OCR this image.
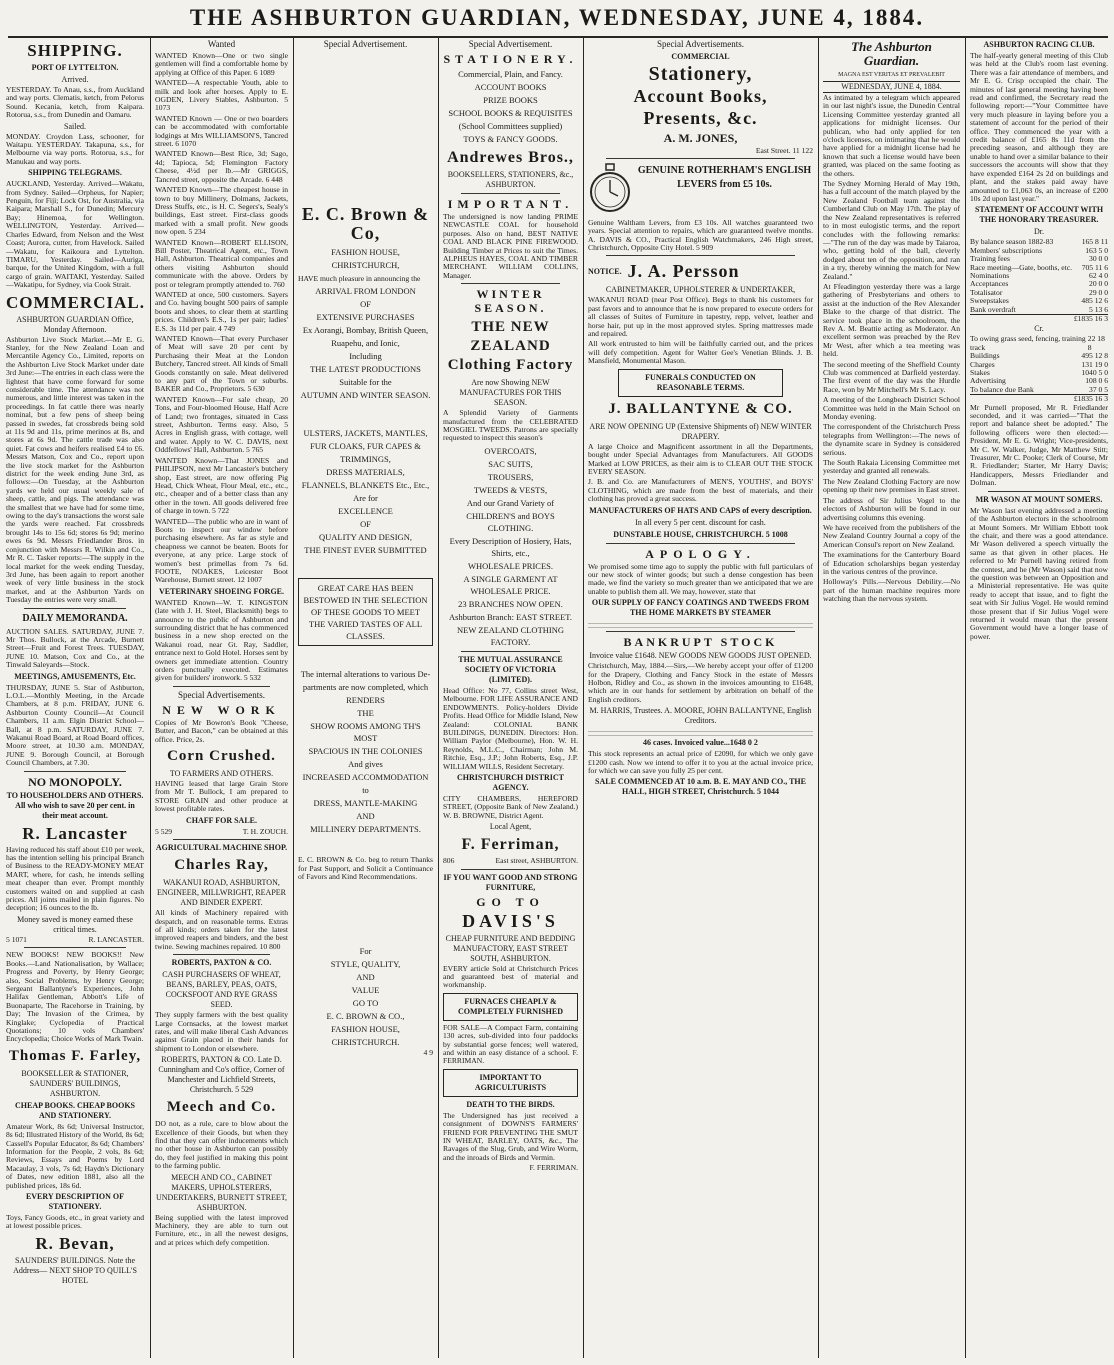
THE ASHBURTON GUARDIAN, WEDNESDAY, JUNE 4, 1884.
SHIPPING.
PORT OF LYTTELTON.
Arrived.

YESTERDAY. To Anau, s.s., from Auckland and way ports. Clematis, ketch, from Pelorus Sound. Kecania, ketch, from Kaipara. Rotorua, s.s., from Dunedin and Oamaru.

Sailed.

MONDAY. Croydon Lass, schooner, for Waitapu. YESTERDAY. Takapuna, s.s., for Melbourne via way ports. Rotorua, s.s., for Manukau and way ports.

SHIPPING TELEGRAMS.

AUCKLAND, Yesterday. Arrived—Wakatu, from Sydney. Sailed—Orpheus, for Napier; Penguin, for Fiji; Lock Ost, for Australia, via Kaipara; Marshall S., for Dunedin; Mercury Bay; Hinemoa, for Wellington. WELLINGTON, Yesterday. Arrived—Charles Edward, from Nelson and the West Coast; Aurora, cutter, from Havelock. Sailed—Wakatu, for Kaikoura and Lyttelton. TIMARU, Yesterday. Sailed—Auriga, barque, for the United Kingdom, with a full cargo of grain. WAITAKI, Yesterday. Sailed—Wakatipu, for Sydney, via Cook Strait.

COMMERCIAL.
ASHBURTON GUARDIAN Office, Monday Afternoon.

Ashburton Live Stock Market.—Mr E. G. Stanley, for the New Zealand Loan and Mercantile Agency Co., Limited, reports on the Ashburton Live Stock Market under date 3rd June:—The entries in each class were the lightest that have come forward for some considerable time. The attendance was not numerous, and little interest was taken in the proceedings. In fat cattle there was nearly nominal, but a few pens of sheep being passed in swedes, fat crossbreds being sold at 11s 9d and 11s, prime merinos at 8s, and stores at 6s 9d. The cattle trade was also quiet. Fat cows and heifers realised £4 to £6. Messrs Matson, Cox and Co., report upon the live stock market for the Ashburton district for the week ending June 3rd, as follows:—On Tuesday, at the Ashburton yards we held our usual weekly sale of sheep, cattle, and pigs. The attendance was the smallest that we have had for some time, owing to the day's transactions the worst sale the yards were reached. Fat crossbreds brought 14s to 15s 6d; stores 6s 9d; merino ewes 6s 9d. Messrs Friedlander Bros. in conjunction with Messrs R. Wilkin and Co., Mr R. C. Tasker reports:—The supply in the local market for the week ending Tuesday, 3rd June, has been again to report another week of very little business in the stock market, and at the Ashburton Yards on Tuesday the entries were very small.

DAILY MEMORANDA.

AUCTION SALES. SATURDAY, JUNE 7. Mr Thos. Bullock, at the Arcade, Burnett Street—Fruit and Forest Trees. TUESDAY, JUNE 10. Matson, Cox and Co., at the Tinwald Saleyards—Stock.

MEETINGS, AMUSEMENTS, Etc.

THURSDAY, JUNE 5. Star of Ashburton, L.O.L.—Monthly Meeting, in the Arcade Chambers, at 8 p.m. FRIDAY, JUNE 6. Ashburton County Council—At Council Chambers, 11 a.m. Elgin District School—Ball, at 8 p.m. SATURDAY, JUNE 7. Wakanui Road Board, at Road Board offices, Moore street, at 10.30 a.m. MONDAY, JUNE 9. Borough Council, at Borough Council Chambers, at 7.30.

NO MONOPOLY.
TO HOUSEHOLDERS AND OTHERS. All who wish to save 20 per cent. in their meat account.
R. Lancaster

Having reduced his staff about £10 per week, has the intention selling his principal Branch of Business to the READY-MONEY MEAT MART, where, for cash, he intends selling meat cheaper than ever. Prompt monthly customers waited on and supplied at cash prices. All joints mailed in plain figures. No deception; 16 ounces to the lb.

Money saved is money earned these critical times.
5 1071	R. LANCASTER.

NEW BOOKS! NEW BOOKS!! New Books.—Land Nationalisation, by Wallace; Progress and Poverty, by Henry George; also, Social Problems, by Henry George; Sergeant Ballantyne's Experiences, John Halifax Gentleman, Abbott's Life of Buonaparte, The Racehorse in Training, by Day; The Invasion of the Crimea, by Kinglake; Cyclopedia of Practical Quotations; 10 vols Chambers' Encyclopedia; Choice Works of Mark Twain.

Thomas F. Farley,
BOOKSELLER & STATIONER, SAUNDERS' BUILDINGS, ASHBURTON.
CHEAP BOOKS. CHEAP BOOKS AND STATIONERY.

Amateur Work, 8s 6d; Universal Instructor, 8s 6d; Illustrated History of the World, 8s 6d; Cassell's Popular Educator, 8s 6d; Chambers' Information for the People, 2 vols, 8s 6d; Reviews, Essays and Poems by Lord Macaulay, 3 vols, 7s 6d; Haydn's Dictionary of Dates, new edition 1881, also all the published prices, 18s 6d.

EVERY DESCRIPTION OF STATIONERY.

Toys, Fancy Goods, etc., in great variety and at lowest possible prices.

R. Bevan,
SAUNDERS' BUILDINGS. Note the Address— NEXT SHOP TO QUILL'S HOTEL
Wanted

WANTED Known—One or two single gentlemen will find a comfortable home by applying at Office of this Paper. 6 1089

WANTED—A respectable Youth, able to milk and look after horses. Apply to E. OGDEN, Livery Stables, Ashburton. 5 1073

WANTED Known — One or two boarders can be accommodated with comfortable lodgings at Mrs WILLIAMSON'S, Tancred street. 6 1070

WANTED Known—Best Rice, 3d; Sago, 4d; Tapioca, 5d; Flemington Factory Cheese, 4½d per lb.—Mr GRIGGS, Tancred street, opposite the Arcade. 6 448

WANTED Known—The cheapest house in town to buy Millinery, Dolmans, Jackets, Dress Stuffs, etc., is H. C. Segers's, Sealy's buildings, East street. First-class goods marked with a small profit. New goods now open. 5 234

WANTED Known—ROBERT ELLISON, Bill Poster, Theatrical Agent, etc., Town Hall, Ashburton. Theatrical companies and others visiting Ashburton should communicate with the above. Orders by post or telegram promptly attended to. 760

WANTED at once, 500 customers. Sayers and Co. having bought 500 pairs of sample boots and shoes, to clear them at startling prices. Children's E.S., 1s per pair; ladies' E.S. 3s 11d per pair. 4 749

WANTED Known—That every Purchaser of Meat will save 20 per cent by Purchasing their Meat at the London Butchery, Tancred street. All kinds of Small Goods constantly on sale. Meat delivered to any part of the Town or suburbs. BAKER and Co., Proprietors. 5 630

WANTED Known—For sale cheap, 20 Tons, and Four-bloomed House, Half Acre of Land; two frontages, situated in Cass street, Ashburton. Terms easy. Also, 5 Acres in English grass, with cottage, well and water. Apply to W. C. DAVIS, next Oddfellows' Hall, Ashburton. 5 765

WANTED Known—That JONES and PHILIPSON, next Mr Lancaster's butchery shop, East street, are now offering Pig Head, Chick Wheat, Flour Meal, etc., etc., etc., cheaper and of a better class than any other in the town. All goods delivered free of charge in town. 5 722

WANTED—The public who are in want of Boots to inspect our window before purchasing elsewhere. As far as style and cheapness we cannot be beaten. Boots for everyone, at any price. Large stock of women's best primellas from 7s 6d. FOOTE, NOAKES, Leicester Boot Warehouse, Burnett street. 12 1007

VETERINARY SHOEING FORGE.

WANTED Known—W. T. KINGSTON (late with J. H. Steel, Blacksmith) begs to announce to the public of Ashburton and surrounding district that he has commenced business in a new shop erected on the Wakanui road, near Gt. Ray, Saddler, entrance next to Gold Hotel. Horses sent by owners get immediate attention. Country orders punctually executed. Estimates given for builders' ironwork. 5 532

Special Advertisements.
NEW WORK

Copies of Mr Bowron's Book "Cheese, Butter, and Bacon," can be obtained at this office. Price, 2s.

Corn Crushed.
TO FARMERS AND OTHERS.

HAVING leased that large Grain Store from Mr T. Bullock, I am prepared to STORE GRAIN and other produce at lowest profitable rates.

CHAFF FOR SALE.
5 529	T. H. ZOUCH.
AGRICULTURAL MACHINE SHOP.
Charles Ray,
WAKANUI ROAD, ASHBURTON, ENGINEER, MILLWRIGHT, REAPER AND BINDER EXPERT.

All kinds of Machinery repaired with despatch, and on reasonable terms. Extras of all kinds; orders taken for the latest improved reapers and binders, and the best twine. Sewing machines repaired. 10 800

ROBERTS, PAXTON & CO.
CASH PURCHASERS OF WHEAT, BEANS, BARLEY, PEAS, OATS, COCKSFOOT AND RYE GRASS SEED.

They supply farmers with the best quality Large Cornsacks, at the lowest market rates, and will make liberal Cash Advances against Grain placed in their hands for shipment to London or elsewhere.

ROBERTS, PAXTON & CO. Late D. Cunningham and Co's office, Corner of Manchester and Lichfield Streets, Christchurch. 5 529
Meech and Co.

DO not, as a rule, care to blow about the Excellence of their Goods, but when they find that they can offer inducements which no other house in Ashburton can possibly do, they feel justified in making this point to the farming public.

MEECH AND CO., CABINET MAKERS, UPHOLSTERERS, UNDERTAKERS, BURNETT STREET, ASHBURTON.

Being supplied with the latest improved Machinery, they are able to turn out Furniture, etc., in all the newest designs, and at prices which defy competition.

Special Advertisement.
E. C. Brown & Co,
FASHION HOUSE,
CHRISTCHURCH,

HAVE much pleasure in announcing the

ARRIVAL FROM LONDON
OF
EXTENSIVE PURCHASES
Ex Aorangi, Bombay, British Queen,
Ruapehu, and Ionic,
Including
THE LATEST PRODUCTIONS
Suitable for the
AUTUMN AND WINTER SEASON.
ULSTERS, JACKETS, MANTLES,
FUR CLOAKS, FUR CAPES &
TRIMMINGS,
DRESS MATERIALS,
FLANNELS, BLANKETS Etc., Etc.,
Are for
EXCELLENCE
OF
QUALITY AND DESIGN,
THE FINEST EVER SUBMITTED
GREAT CARE HAS BEEN BESTOWED IN THE SELECTION OF THESE GOODS TO MEET THE VARIED TASTES OF ALL CLASSES.
The internal alterations to various De-
partments are now completed, which
RENDERS
THE
SHOW ROOMS AMONG TH'S MOST
SPACIOUS IN THE COLONIES
And gives
INCREASED ACCOMMODATION
to
DRESS, MANTLE-MAKING
AND
MILLINERY DEPARTMENTS.

E. C. BROWN & Co. beg to return Thanks for Past Support, and Solicit a Continuance of Favors and Kind Recommendations.

For
STYLE, QUALITY,
AND
VALUE
GO TO
E. C. BROWN & CO.,
FASHION HOUSE,
CHRISTCHURCH.
4 9
Special Advertisement.
STATIONERY.
Commercial, Plain, and Fancy.
ACCOUNT BOOKS
PRIZE BOOKS
SCHOOL BOOKS & REQUISITES
(School Committees supplied)
TOYS & FANCY GOODS.
Andrewes Bros.,
BOOKSELLERS, STATIONERS, &c., ASHBURTON.
IMPORTANT.

The undersigned is now landing PRIME NEWCASTLE COAL for household purposes. Also on hand, BEST NATIVE COAL AND BLACK PINE FIREWOOD. Building Timber at Prices to suit the Times. ALPHEUS HAYES, COAL AND TIMBER MERCHANT. WILLIAM COLLINS, Manager.

WINTER SEASON.
THE NEW ZEALAND Clothing Factory
Are now Showing NEW MANUFACTURES FOR THIS SEASON.

A Splendid Variety of Garments manufactured from the CELEBRATED MOSGIEL TWEEDS. Patrons are specially requested to inspect this season's

OVERCOATS,
SAC SUITS,
TROUSERS,
TWEEDS & VESTS,
And our Grand Variety of
CHILDREN'S and BOYS CLOTHING.
Every Description of Hosiery, Hats, Shirts, etc.,
WHOLESALE PRICES.
A SINGLE GARMENT AT WHOLESALE PRICE.
23 BRANCHES NOW OPEN.
Ashburton Branch: EAST STREET.
NEW ZEALAND CLOTHING FACTORY.
THE MUTUAL ASSURANCE SOCIETY OF VICTORIA (LIMITED).

Head Office: No 77, Collins street West, Melbourne. FOR LIFE ASSURANCE AND ENDOWMENTS. Policy-holders Divide Profits. Head Office for Middle Island, New Zealand: COLONIAL BANK BUILDINGS, DUNEDIN. Directors: Hon. William Paylor (Melbourne), Hon. W. H. Reynolds, M.L.C., Chairman; John M. Ritchie, Esq., J.P.; John Roberts, Esq., J.P. WILLIAM WILLS, Resident Secretary.

CHRISTCHURCH DISTRICT AGENCY.

CITY CHAMBERS, HEREFORD STREET, (Opposite Bank of New Zealand.) W. B. BROWNE, District Agent.

Local Agent,
F. Ferriman,
806	East street, ASHBURTON.
IF YOU WANT GOOD AND STRONG FURNITURE,
GO TO
DAVIS'S
CHEAP FURNITURE AND BEDDING MANUFACTORY, EAST STREET SOUTH, ASHBURTON.

EVERY article Sold at Christchurch Prices and guaranteed best of material and workmanship.

FURNACES CHEAPLY & COMPLETELY FURNISHED

FOR SALE—A Compact Farm, containing 130 acres, sub-divided into four paddocks by substantial gorse fences; well watered, and within an easy distance of a school. F. FERRIMAN.

IMPORTANT TO AGRICULTURISTS
DEATH TO THE BIRDS.

The Undersigned has just received a consignment of DOWNS'S FARMERS' FRIEND FOR PREVENTING THE SMUT IN WHEAT, BARLEY, OATS, &c., The Ravages of the Slug, Grub, and Wire Worm, and the inroads of Birds and Vermin.

F. FERRIMAN.
Special Advertisements.
COMMERCIAL
Stationery,
Account Books,
Presents, &c.
A. M. JONES,
East Street. 11 122
GENUINE ROTHERHAM'S ENGLISH LEVERS from £5 10s.

Genuine Waltham Levers, from £3 10s. All watches guaranteed two years. Special attention to repairs, which are guaranteed twelve months. A. DAVIS & CO., Practical English Watchmakers, 246 High street, Christchurch, Opposite City Hotel. 5 909

NOTICE. J. A. Persson
CABINETMAKER, UPHOLSTERER & UNDERTAKER,

WAKANUI ROAD (near Post Office). Begs to thank his customers for past favors and to announce that he is now prepared to execute orders for all classes of Suites of Furniture in tapestry, repp, velvet, leather and horse hair, put up in the most approved styles. Spring mattresses made and repaired.

All work entrusted to him will be faithfully carried out, and the prices will defy competition. Agent for Walter Gee's Venetian Blinds. J. B. Mansfield, Monumental Mason.

FUNERALS CONDUCTED ON REASONABLE TERMS.
J. BALLANTYNE & CO.
ARE NOW OPENING UP (Extensive Shipments of) NEW WINTER DRAPERY.

A large Choice and Magnificent assortment in all the Departments, bought under Special Advantages from Manufacturers. All GOODS Marked at LOW PRICES, as their aim is to CLEAR OUT THE STOCK EVERY SEASON.

J. B. and Co. are Manufacturers of MEN'S, YOUTHS', and BOYS' CLOTHING, which are made from the best of materials, and their clothing has proved a great success.

MANUFACTURERS OF HATS AND CAPS of every description.
In all every 5 per cent. discount for cash.
DUNSTABLE HOUSE, CHRISTCHURCH. 5 1008
APOLOGY.

We promised some time ago to supply the public with full particulars of our new stock of winter goods; but such a dense congestion has been made, we find the variety so much greater than we anticipated that we are unable to publish them all. We may, however, state that

OUR SUPPLY OF FANCY COATINGS AND TWEEDS FROM THE HOME MARKETS BY STEAMER
BANKRUPT STOCK
Invoice value £1648. NEW GOODS NEW GOODS JUST OPENED.

Christchurch, May, 1884.—Sirs,—We hereby accept your offer of £1200 for the Drapery, Clothing and Fancy Stock in the estate of Messrs Holbon, Ridley and Co., as shown in the invoices amounting to £1648, which are in our hands for settlement by arbitration on behalf of the English creditors.

M. HARRIS, Trustees. A. MOORE, JOHN BALLANTYNE, English Creditors.
46 cases. Invoiced value...1648 0 2

This stock represents an actual price of £2090, for which we only gave £1200 cash. Now we intend to offer it to you at the actual invoice price, for which we can save you fully 25 per cent.

SALE COMMENCED AT 10 a.m. B. E. MAY AND CO., THE HALL, HIGH STREET, Christchurch. 5 1044
The Ashburton Guardian.
MAGNA EST VERITAS ET PREVALEBIT
WEDNESDAY, JUNE 4, 1884.

As intimated by a telegram which appeared in our last night's issue, the Dunedin Central Licensing Committee yesterday granted all applications for midnight licenses. Our publican, who had only applied for ten o'clock licenses, on intimating that he would have applied for a midnight license had he known that such a license would have been granted, was placed on the same footing as the others.

The Sydney Morning Herald of May 19th, has a full account of the match played by the New Zealand Football team against the Cumberland Club on May 17th. The play of the New Zealand representatives is referred to in most eulogistic terms, and the report concludes with the following remarks:—"The run of the day was made by Taiaroa, who, getting hold of the ball, cleverly dodged about ten of the opposition, and ran in a try, thereby winning the match for New Zealand."

At Ffeadington yesterday there was a large gathering of Presbyterians and others to assist at the induction of the Rev Alexander Blake to the charge of that district. The service took place in the schoolroom, the Rev A. M. Beattie acting as Moderator. An excellent sermon was preached by the Rev Mr West, after which a tea meeting was held.

The second meeting of the Sheffield County Club was commenced at Darfield yesterday. The first event of the day was the Hurdle Race, won by Mr Mitchell's Mr S. Lacy.

A meeting of the Longbeach District School Committee was held in the Main School on Monday evening.

The correspondent of the Christchurch Press telegraphs from Wellington:—The news of the dynamite scare in Sydney is considered serious.

The South Rakaia Licensing Committee met yesterday and granted all renewals.

The New Zealand Clothing Factory are now opening up their new premises in East street.

The address of Sir Julius Vogel to the electors of Ashburton will be found in our advertising columns this evening.

We have received from the publishers of the New Zealand Country Journal a copy of the American Consul's report on New Zealand.

The examinations for the Canterbury Board of Education scholarships began yesterday in the various centres of the province.

Holloway's Pills.—Nervous Debility.—No part of the human machine requires more watching than the nervous system.

ASHBURTON RACING CLUB.

The half-yearly general meeting of this Club was held at the Club's room last evening. There was a fair attendance of members, and Mr E. G. Crisp occupied the chair. The minutes of last general meeting having been read and confirmed, the Secretary read the following report:—"Your Committee have very much pleasure in laying before you a statement of account for the period of their office. They commenced the year with a credit balance of £165 8s 11d from the preceding season, and although they are unable to hand over a similar balance to their successors the accounts will show that they have expended £164 2s 2d on buildings and plant, and the stakes paid away have amounted to £1,063 0s, an increase of £200 10s 2d upon last year."

STATEMENT OF ACCOUNT WITH THE HONORARY TREASURER.
Dr.
By balance season 1882-83	165 8 11
Members' subscriptions	163 5 0
Training fees	30 0 0
Race meeting—Gate, booths, etc. 705 11 6
Nominations	62 4 0
Acceptances	20 0 0
Totalisator	29 0 0
Sweepstakes	485 12 6
Bank overdraft	5 13 6
£1835 16 3
Cr.
To owing grass seed, fencing, training track
22 18 8
Buildings	495 12 8
Charges	131 19 0
Stakes	1040 5 0
Advertising	108 0 6
To balance due Bank	37 0 5
£1835 16 3

Mr Purnell proposed, Mr R. Friedlander seconded, and it was carried—"That the report and balance sheet be adopted." The following officers were then elected:—President, Mr E. G. Wright; Vice-presidents, Mr C. W. Walker, Judge, Mr Matthew Stitt; Treasurer, Mr C. Pooke; Clerk of Course, Mr R. Friedlander; Starter, Mr Harry Davis; Handicappers, Messrs Friedlander and Dolman.

MR WASON AT MOUNT SOMERS.

Mr Wason last evening addressed a meeting of the Ashburton electors in the schoolroom at Mount Somers. Mr William Ebbott took the chair, and there was a good attendance. Mr Wason delivered a speech virtually the same as that given in other places. He referred to Mr Purnell having retired from the contest, and he (Mr Wason) said that now the question was between an Opposition and a Ministerial representative. He was quite ready to accept that issue, and to fight the seat with Sir Julius Vogel. He would remind those present that if Sir Julius Vogel were returned it would mean that the present Government would have a longer lease of power.
